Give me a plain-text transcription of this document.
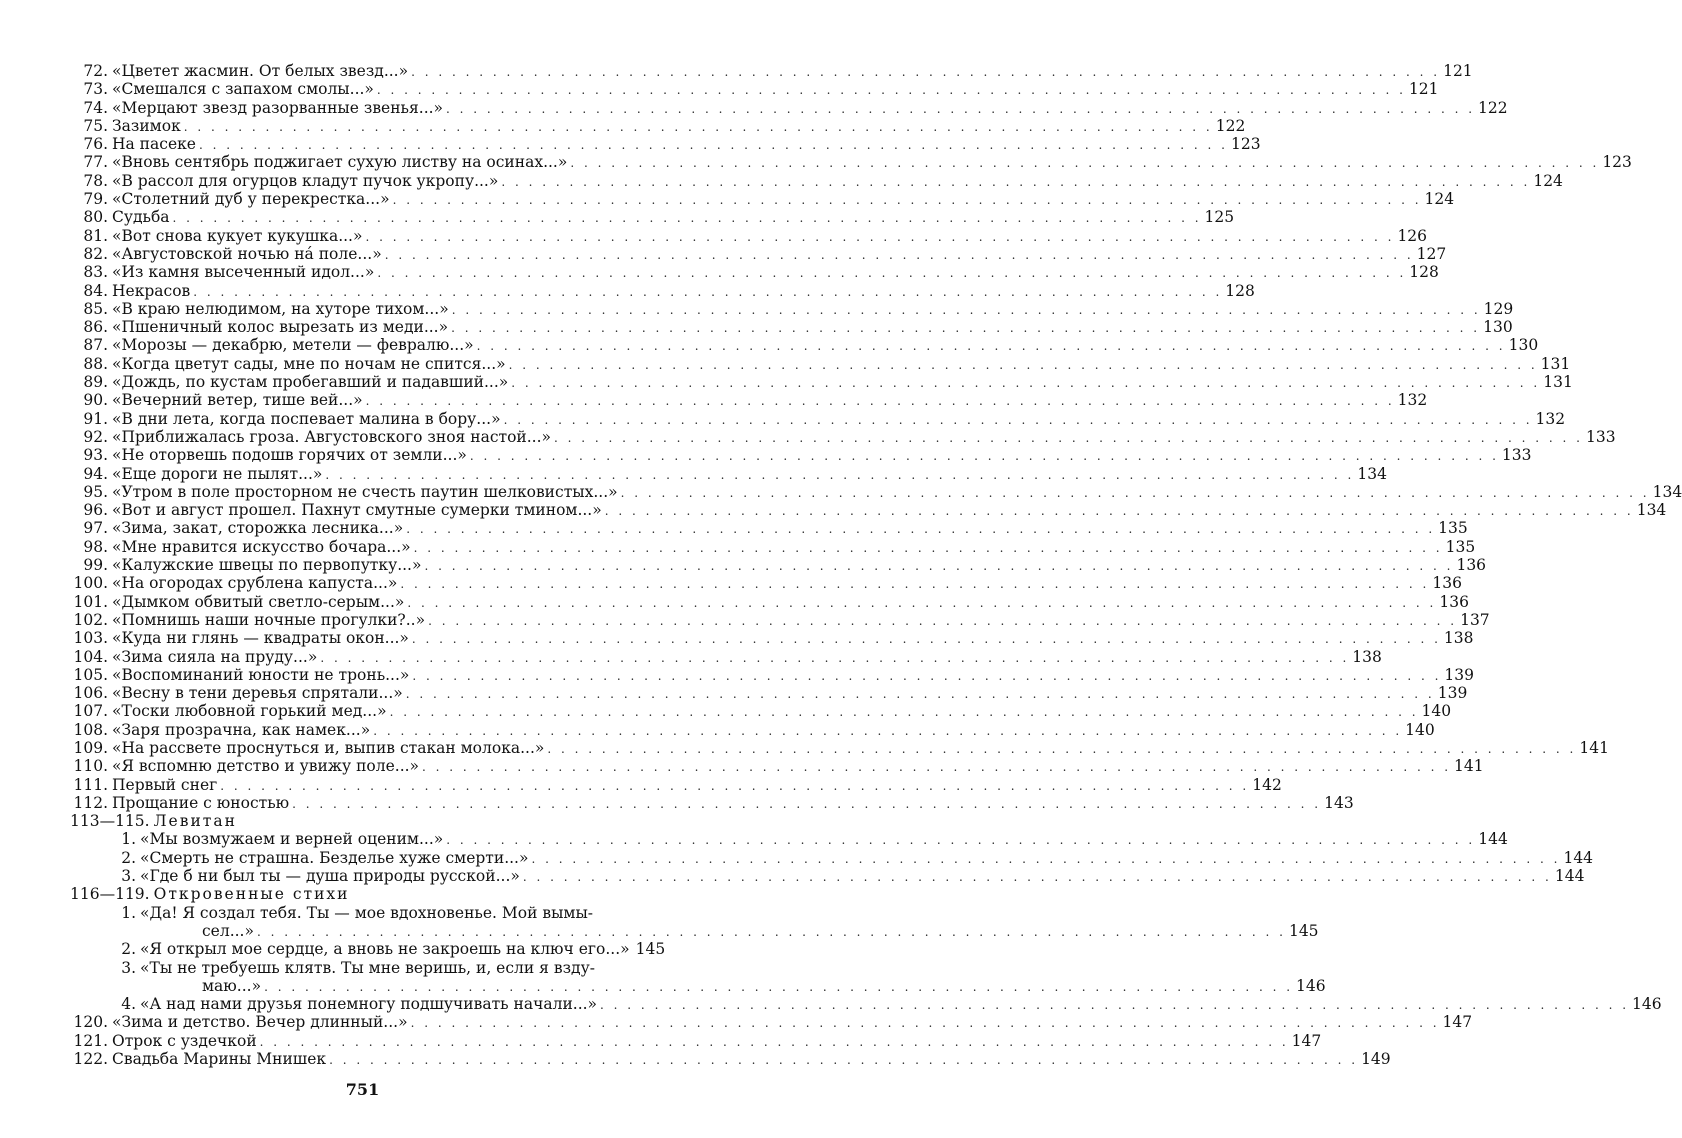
72. «Цветет жасмин. От белых звезд...» . . .	121
73. «Смешался с запахом смолы...» . . .	121
74. «Мерцают звезд разорванные звенья...» . . .	122
75. Зазимок . . .	122
76. На пасеке . . .	123
77. «Вновь сентябрь поджигает сухую листву на осинах...» . . .	123
78. «В рассол для огурцов кладут пучок укропу...» . . .	124
79. «Столетний дуб у перекрестка...» . . .	124
80. Судьба . . .	125
81. «Вот снова кукует кукушка...» . . .	126
82. «Августовской ночью на́ поле...» . . .	127
83. «Из камня высеченный идол...» . . .	128
84. Некрасов . . .	128
85. «В краю нелюдимом, на хуторе тихом...» . . .	129
86. «Пшеничный колос вырезать из меди...» . . .	130
87. «Морозы — декабрю, метели — февралю...» . . .	130
88. «Когда цветут сады, мне по ночам не спится...» . . .	131
89. «Дождь, по кустам пробегавший и падавший...» . . .	131
90. «Вечерний ветер, тише вей...» . . .	132
91. «В дни лета, когда поспевает малина в бору...» . . .	132
92. «Приближалась гроза. Августовского зноя настой...» . . .	133
93. «Не оторвешь подошв горячих от земли...» . . .	133
94. «Еще дороги не пылят...» . . .	134
95. «Утром в поле просторном не счесть паутин шелковистых...» . . .	134
96. «Вот и август прошел. Пахнут смутные сумерки тмином...» . . .	134
97. «Зима, закат, сторожка лесника...» . . .	135
98. «Мне нравится искусство бочара...» . . .	135
99. «Калужские швецы по первопутку...» . . .	136
100. «На огородах срублена капуста...» . . .	136
101. «Дымком обвитый светло-серым...» . . .	136
102. «Помнишь наши ночные прогулки?..» . . .	137
103. «Куда ни глянь — квадраты окон...» . . .	138
104. «Зима сияла на пруду...» . . .	138
105. «Воспоминаний юности не тронь...» . . .	139
106. «Весну в тени деревья спрятали...» . . .	139
107. «Тоски любовной горький мед...» . . .	140
108. «Заря прозрачна, как намек...» . . .	140
109. «На рассвете проснуться и, выпив стакан молока...» . . .	141
110. «Я вспомню детство и увижу поле...» . . .	141
111. Первый снег . . .	142
112. Прощание с юностью . . .	143
113—115. Левитан
1. «Мы возмужаем и верней оценим...» . . .	144
2. «Смерть не страшна. Безделье хуже смерти...» . . .	144
3. «Где б ни был ты — душа природы русской...» . . .	144
116—119. Откровенные стихи
1. «Да! Я создал тебя. Ты — мое вдохновенье. Мой вымы-
сел...» . . .	145
2. «Я открыл мое сердце, а вновь не закроешь на ключ его...» 145
3. «Ты не требуешь клятв. Ты мне веришь, и, если я взду-
маю...» . . .	146
4. «А над нами друзья понемногу подшучивать начали...» . . .	146
120. «Зима и детство. Вечер длинный...» . . .	147
121. Отрок с уздечкой . . .	147
122. Свадьба Марины Мнишек . . .	149
751
